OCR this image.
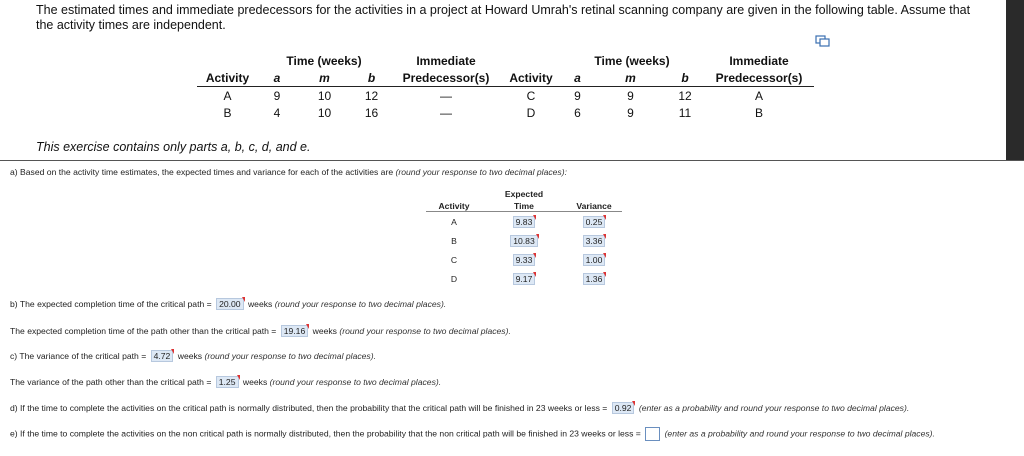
The estimated times and immediate predecessors for the activities in a project at Howard Umrah's retinal scanning company are given in the following table. Assume that the activity times are independent.
	Time (weeks)			Immediate		Time (weeks)			Immediate
Activity	a	m	b	Predecessor(s)	Activity	a	m	b	Predecessor(s)
A	9	10	12	—	C	9	9	12	A
B	4	10	16	—	D	6	9	11	B
This exercise contains only parts a, b, c, d, and e.
a) Based on the activity time estimates, the expected times and variance for each of the activities are (round your response to two decimal places):
	Expected	
Activity	Time	Variance
A	9.83	0.25
B	10.83	3.36
C	9.33	1.00
D	9.17	1.36
b) The expected completion time of the critical path = 20.00 weeks (round your response to two decimal places).
The expected completion time of the path other than the critical path = 19.16 weeks (round your response to two decimal places).
c) The variance of the critical path = 4.72 weeks (round your response to two decimal places).
The variance of the path other than the critical path = 1.25 weeks (round your response to two decimal places).
d) If the time to complete the activities on the critical path is normally distributed, then the probability that the critical path will be finished in 23 weeks or less = 0.92 (enter as a probability and round your response to two decimal places).
e) If the time to complete the activities on the non critical path is normally distributed, then the probability that the non critical path will be finished in 23 weeks or less =	(enter as a probability and round your response to two decimal places).
